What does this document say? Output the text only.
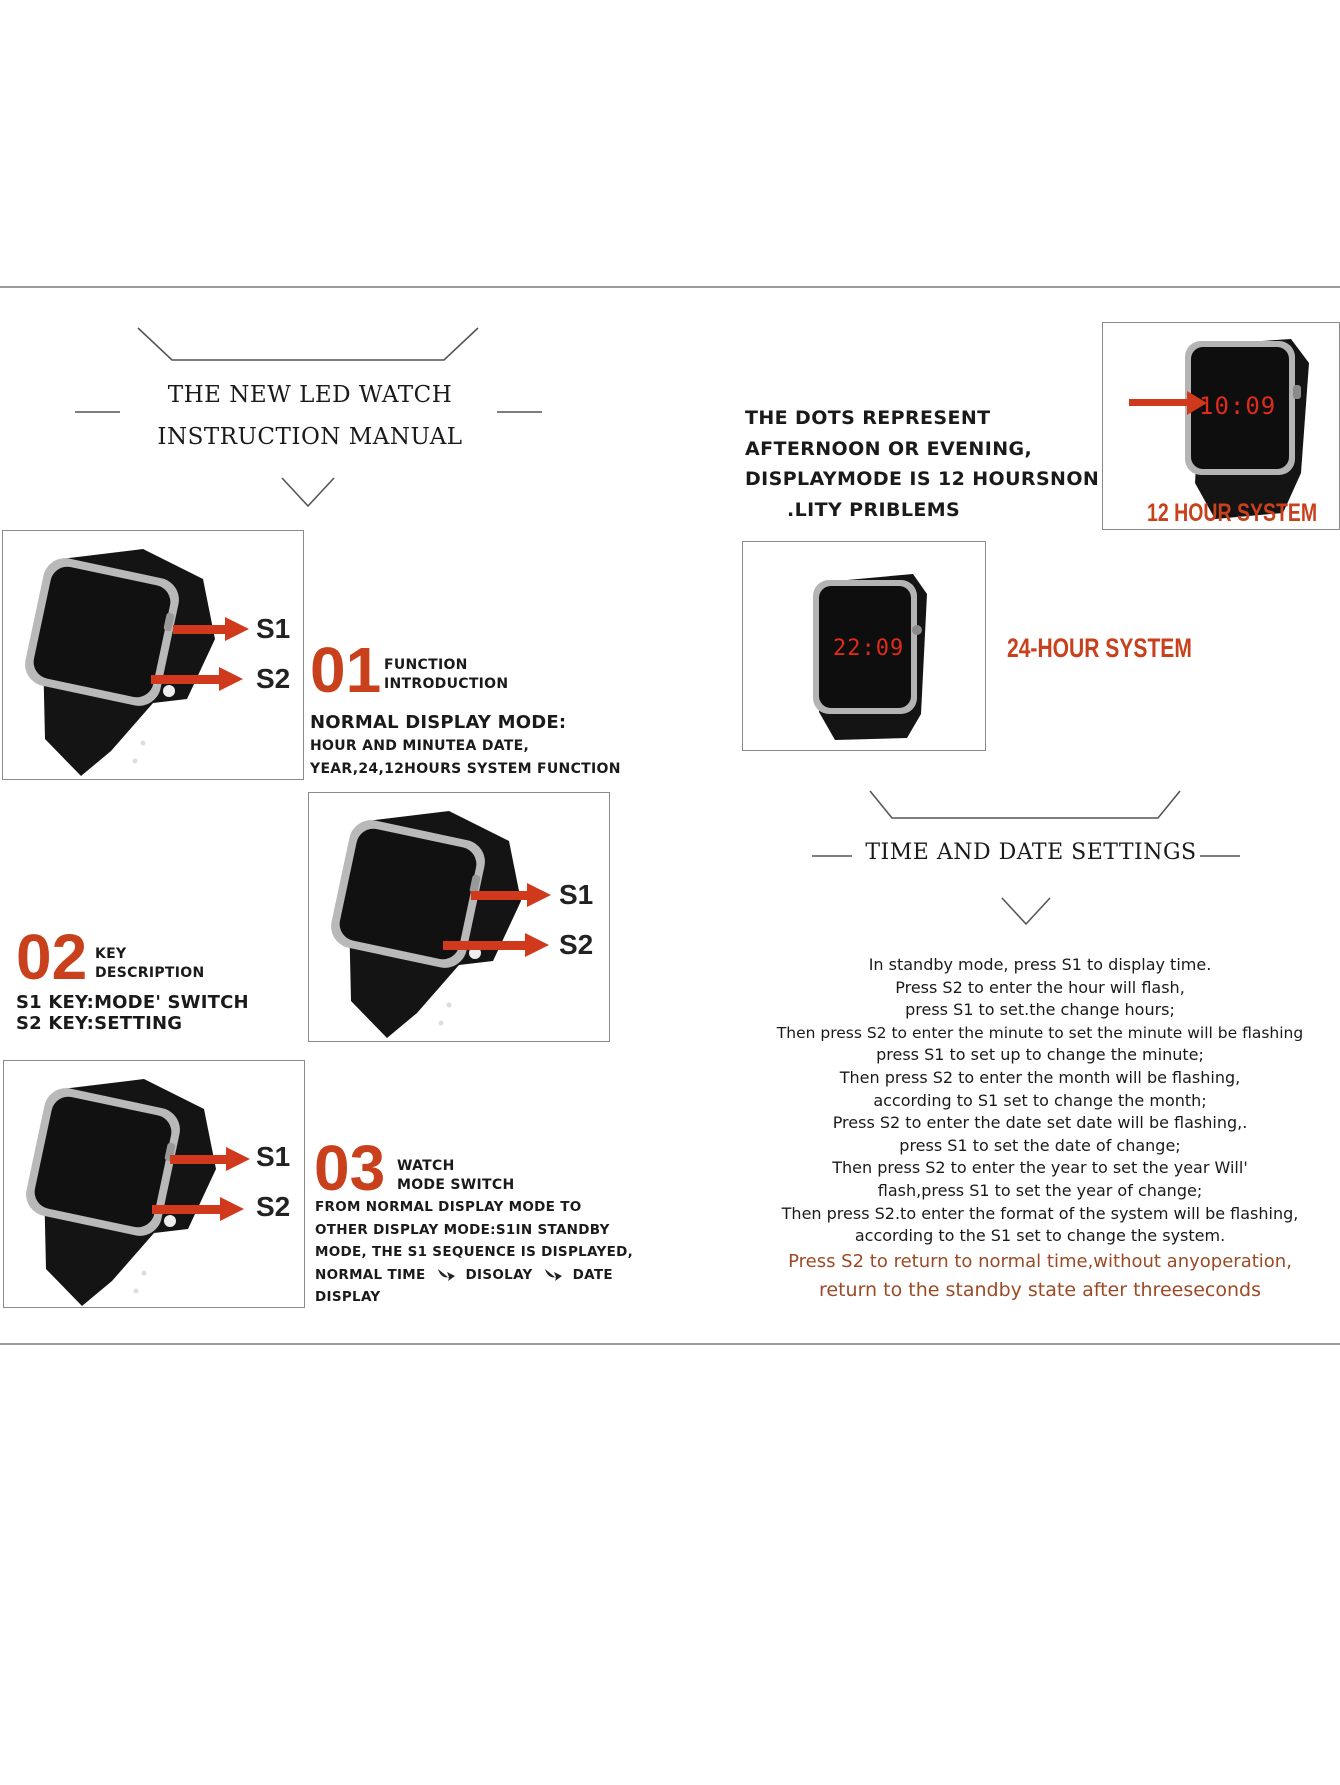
THE NEW LED WATCH
INSTRUCTION MANUAL
S1
S2 01 FUNCTION
INTRODUCTION
NORMAL DISPLAY MODE:
HOUR AND MINUTEA DATE,
YEAR,24,12HOURS SYSTEM FUNCTION
S1
S2
02 KEY
DESCRIPTION
S1 KEY:MODE' SWITCH
S2 KEY:SETTING
S1
S2
03 WATCH
MODE SWITCH
FROM NORMAL DISPLAY MODE TO
OTHER DISPLAY MODE:S1IN STANDBY
MODE, THE S1 SEQUENCE IS DISPLAYED,
NORMAL TIME	DISOLAY	DATE
DISPLAY
THE DOTS REPRESENT
AFTERNOON OR EVENING,
DISPLAYMODE IS 12 HOURSNON
.LITY PRIBLEMS
10:09
12 HOUR SYSTEM
22:09	24-HOUR SYSTEM
TIME AND DATE SETTINGS
In standby mode, press S1 to display time.
Press S2 to enter the hour will flash,
press S1 to set.the change hours;
Then press S2 to enter the minute to set the minute will be flashing
press S1 to set up to change the minute;
Then press S2 to enter the month will be flashing,
according to S1 set to change the month;
Press S2 to enter the date set date will be flashing,.
press S1 to set the date of change;
Then press S2 to enter the year to set the year Will'
flash,press S1 to set the year of change;
Then press S2.to enter the format of the system will be flashing,
according to the S1 set to change the system.
Press S2 to return to normal time,without anyoperation,
return to the standby state after threeseconds
